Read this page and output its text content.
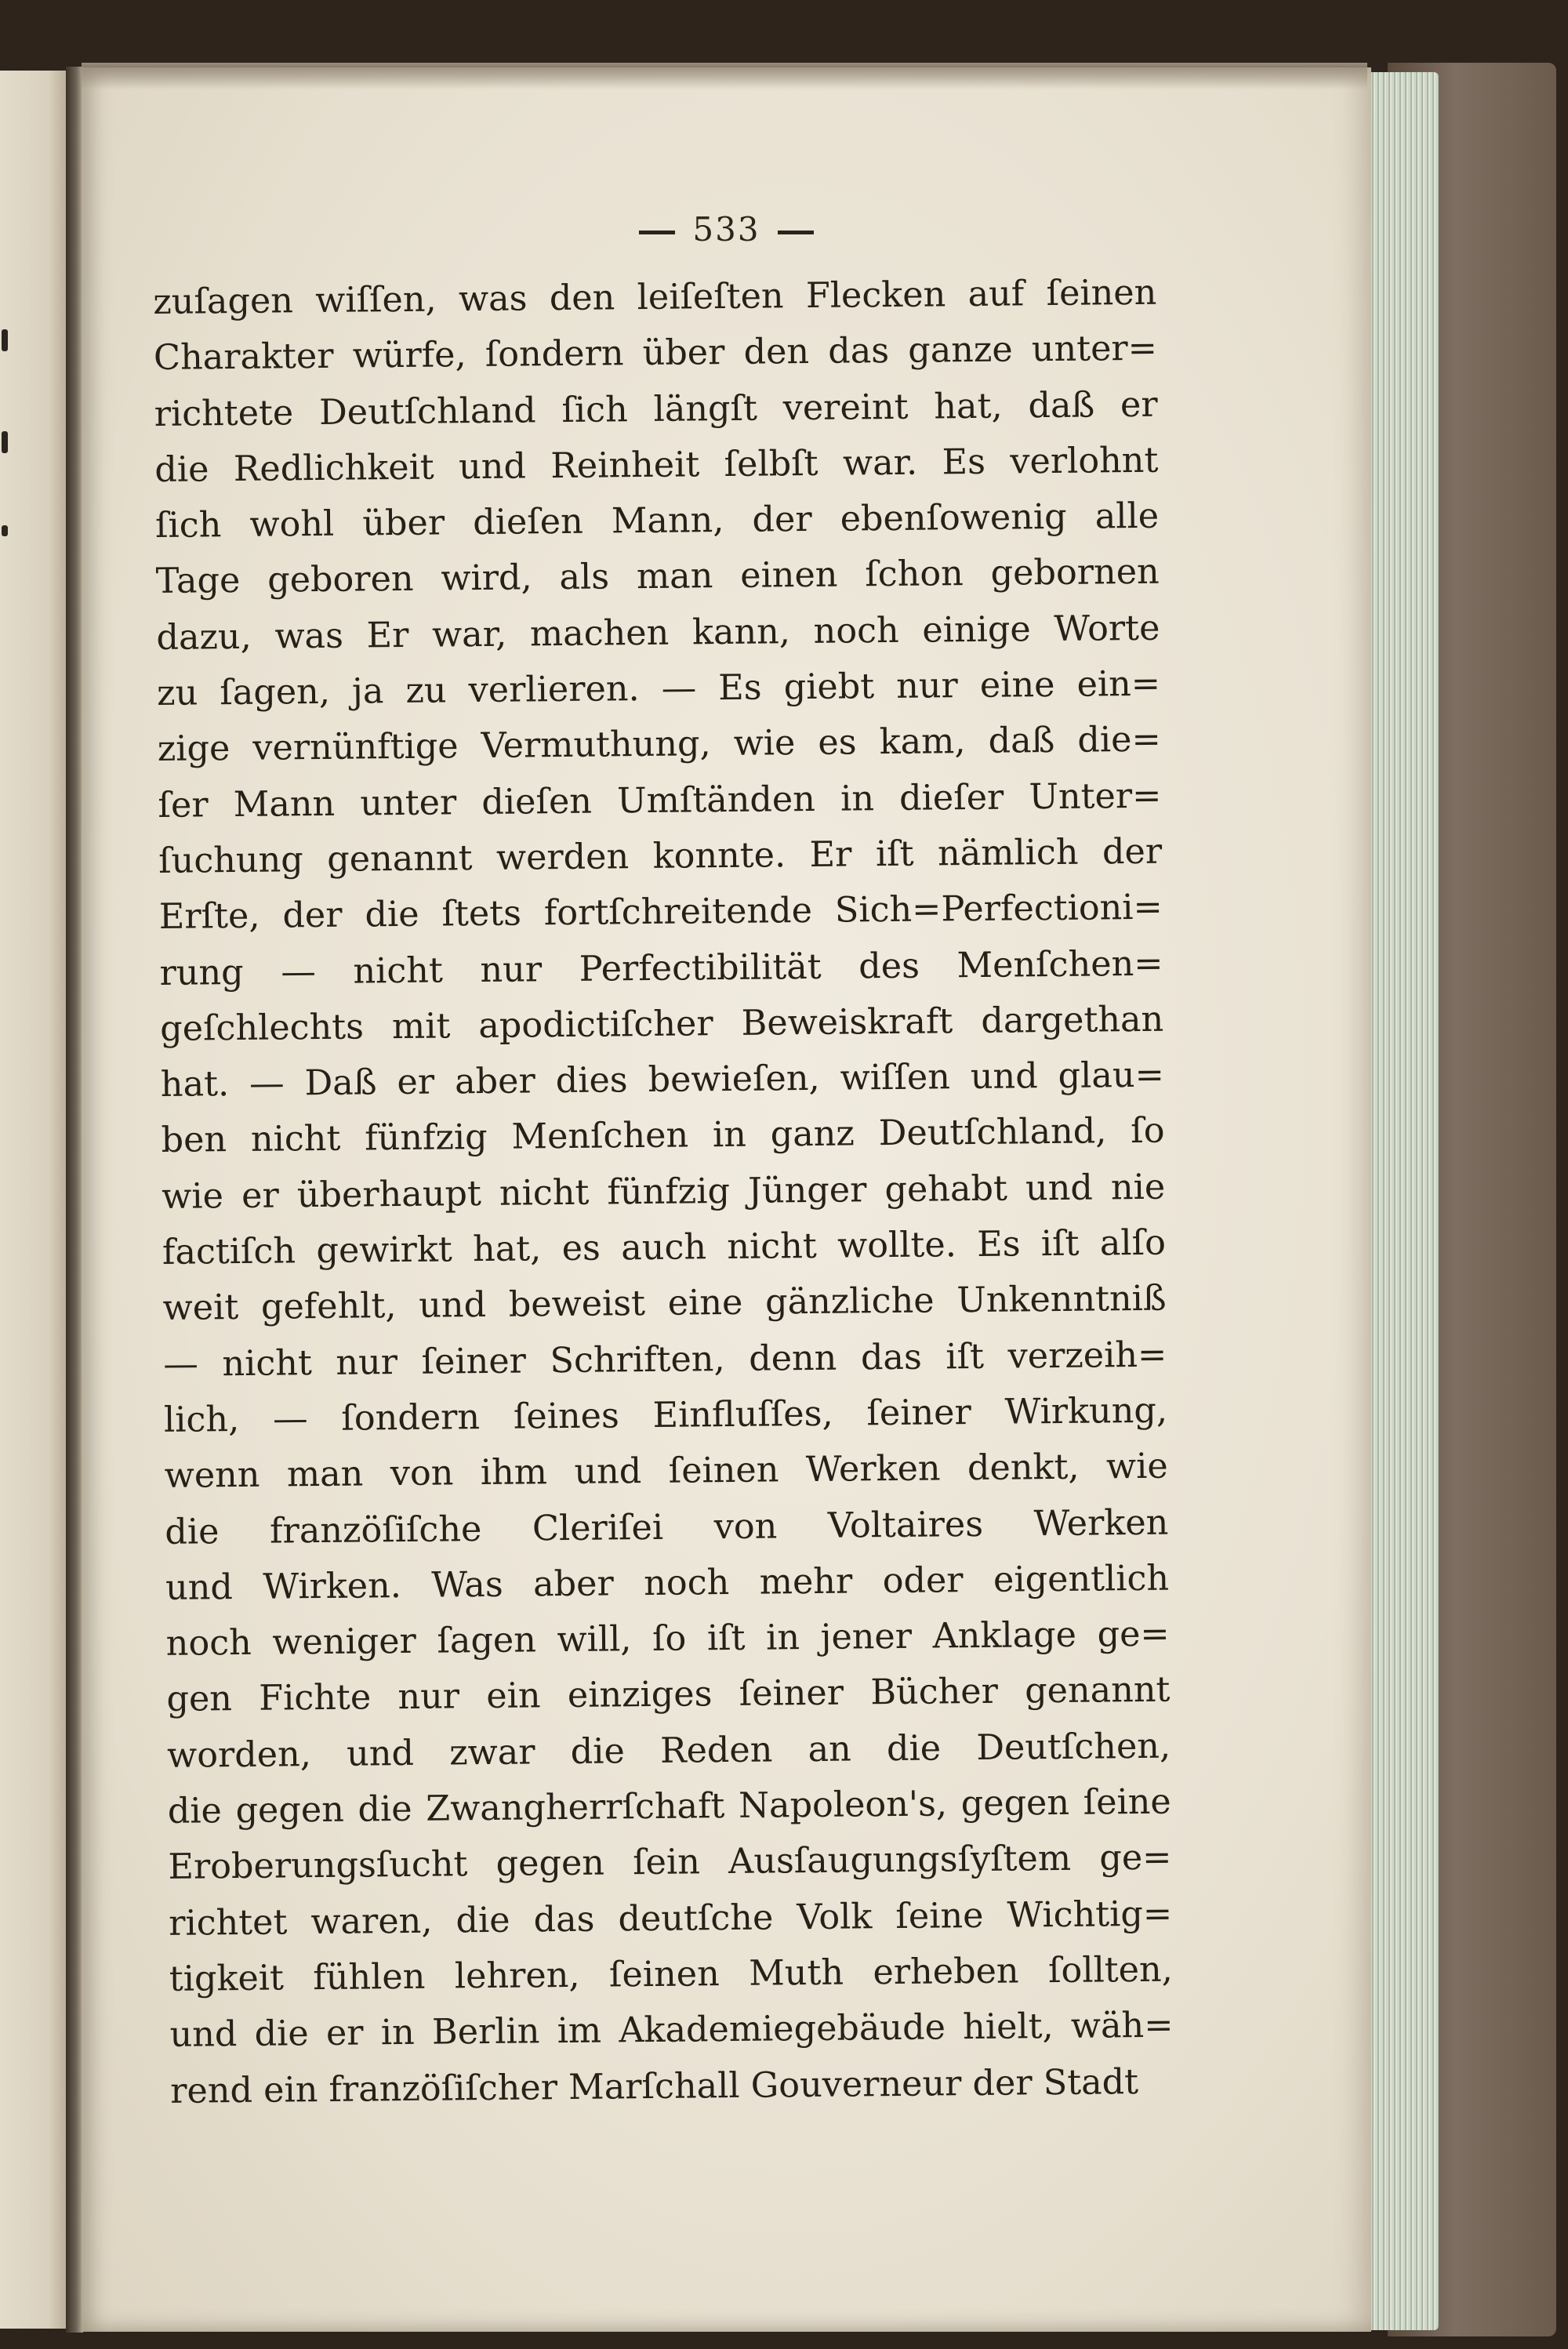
533
zuſagen wiſſen, was den leiſeſten Flecken auf ſeinen
Charakter würfe, ſondern über den das ganze unter=
richtete Deutſchland ſich längſt vereint hat, daß er
die Redlichkeit und Reinheit ſelbſt war. Es verlohnt
ſich wohl über dieſen Mann, der ebenſowenig alle
Tage geboren wird, als man einen ſchon gebornen
dazu, was Er war, machen kann, noch einige Worte
zu ſagen, ja zu verlieren. — Es giebt nur eine ein=
zige vernünftige Vermuthung, wie es kam, daß die=
ſer Mann unter dieſen Umſtänden in dieſer Unter=
ſuchung genannt werden konnte. Er iſt nämlich der
Erſte, der die ſtets fortſchreitende Sich=Perfectioni=
rung — nicht nur Perfectibilität des Menſchen=
geſchlechts mit apodictiſcher Beweiskraft dargethan
hat. — Daß er aber dies bewieſen, wiſſen und glau=
ben nicht fünfzig Menſchen in ganz Deutſchland, ſo
wie er überhaupt nicht fünfzig Jünger gehabt und nie
factiſch gewirkt hat, es auch nicht wollte. Es iſt alſo
weit gefehlt, und beweist eine gänzliche Unkenntniß
— nicht nur ſeiner Schriften, denn das iſt verzeih=
lich, — ſondern ſeines Einfluſſes, ſeiner Wirkung,
wenn man von ihm und ſeinen Werken denkt, wie
die franzöſiſche Cleriſei von Voltaires Werken
und Wirken. Was aber noch mehr oder eigentlich
noch weniger ſagen will, ſo iſt in jener Anklage ge=
gen Fichte nur ein einziges ſeiner Bücher genannt
worden, und zwar die Reden an die Deutſchen,
die gegen die Zwangherrſchaft Napoleon's, gegen ſeine
Eroberungsſucht gegen ſein Ausſaugungsſyſtem ge=
richtet waren, die das deutſche Volk ſeine Wichtig=
tigkeit fühlen lehren, ſeinen Muth erheben ſollten,
und die er in Berlin im Akademiegebäude hielt, wäh=
rend ein franzöſiſcher Marſchall Gouverneur der Stadt
